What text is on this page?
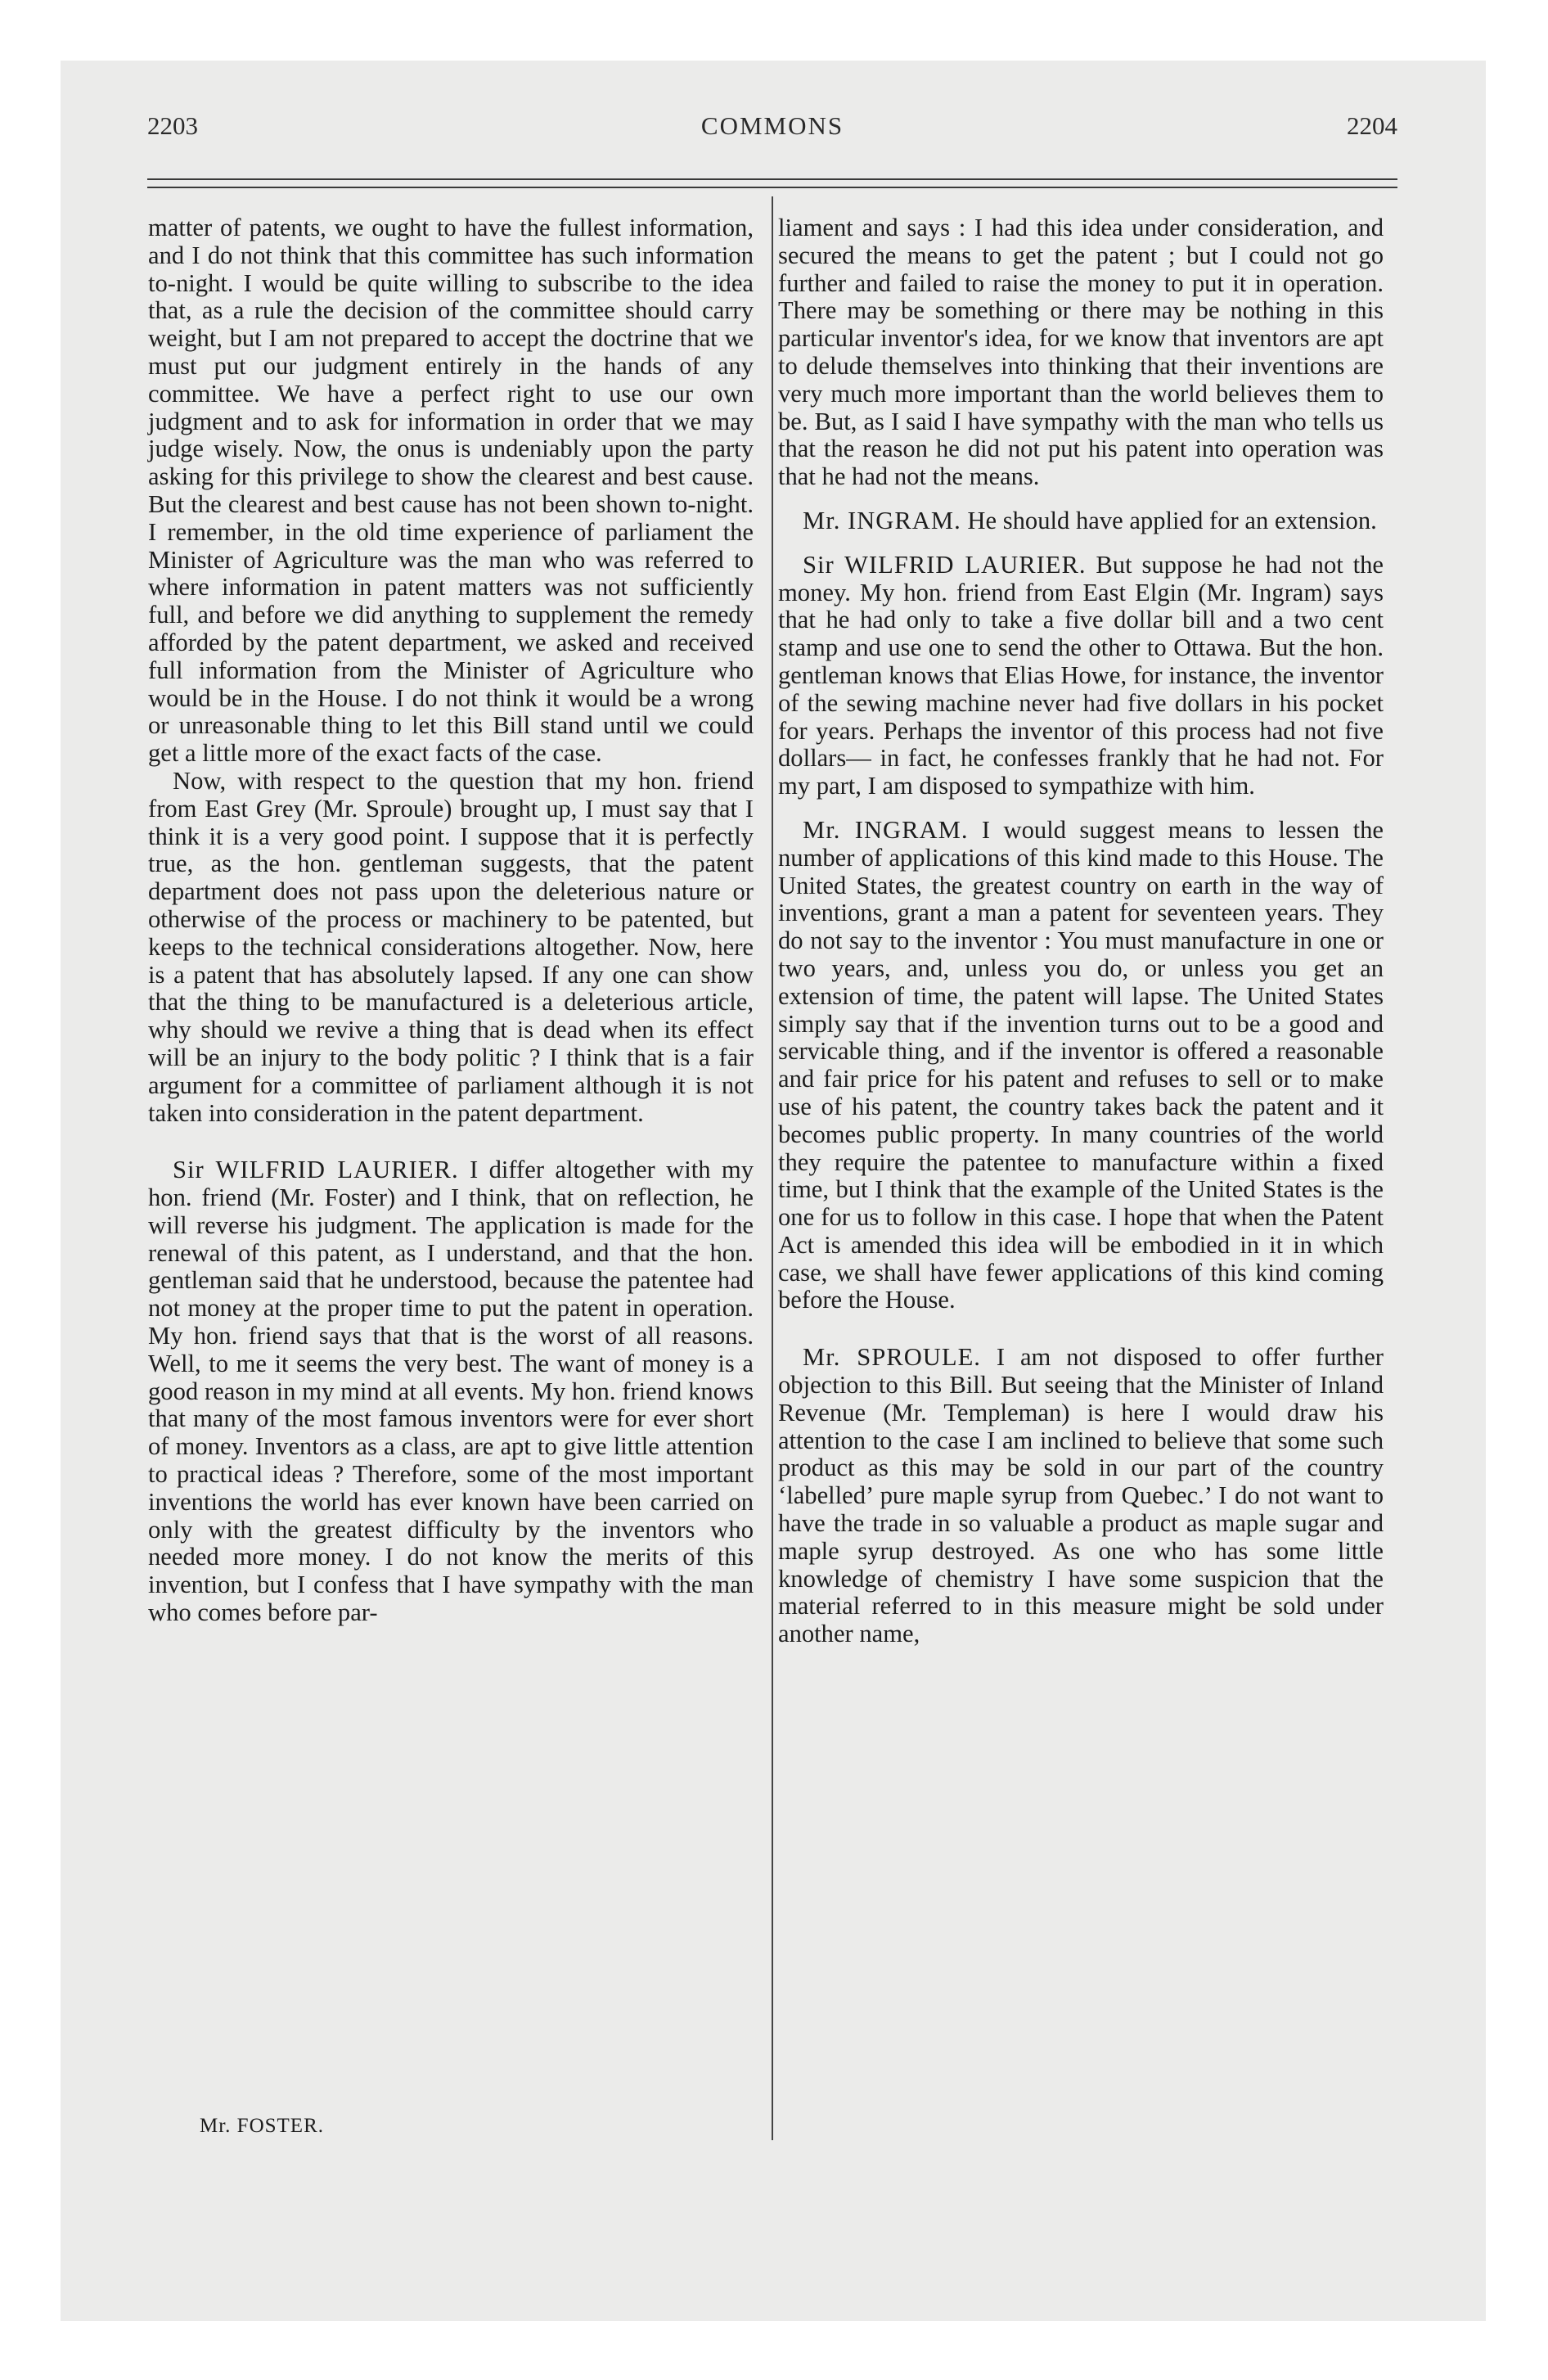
2203	COMMONS	2204

matter of patents, we ought to have the fullest information, and I do not think that this committee has such information to-night. I would be quite willing to subscribe to the idea that, as a rule the decision of the committee should carry weight, but I am not prepared to accept the doctrine that we must put our judgment entirely in the hands of any committee. We have a perfect right to use our own judgment and to ask for information in order that we may judge wisely. Now, the onus is undeniably upon the party asking for this privilege to show the clearest and best cause. But the clearest and best cause has not been shown to-night. I remember, in the old time experience of parliament the Minister of Agriculture was the man who was referred to where information in patent matters was not sufficiently full, and before we did anything to supplement the remedy afforded by the patent department, we asked and received full information from the Minister of Agriculture who would be in the House. I do not think it would be a wrong or unreasonable thing to let this Bill stand until we could get a little more of the exact facts of the case.

Now, with respect to the question that my hon. friend from East Grey (Mr. Sproule) brought up, I must say that I think it is a very good point. I suppose that it is perfectly true, as the hon. gentleman suggests, that the patent department does not pass upon the deleterious nature or otherwise of the process or machinery to be patented, but keeps to the technical considerations altogether. Now, here is a patent that has absolutely lapsed. If any one can show that the thing to be manufactured is a deleterious article, why should we revive a thing that is dead when its effect will be an injury to the body politic ? I think that is a fair argument for a committee of parliament although it is not taken into consideration in the patent department.

Sir WILFRID LAURIER. I differ altogether with my hon. friend (Mr. Foster) and I think, that on reflection, he will reverse his judgment. The application is made for the renewal of this patent, as I understand, and that the hon. gentleman said that he understood, because the patentee had not money at the proper time to put the patent in operation. My hon. friend says that that is the worst of all reasons. Well, to me it seems the very best. The want of money is a good reason in my mind at all events. My hon. friend knows that many of the most famous inventors were for ever short of money. Inventors as a class, are apt to give little attention to practical ideas ? Therefore, some of the most important inventions the world has ever known have been carried on only with the greatest difficulty by the inventors who needed more money. I do not know the merits of this invention, but I confess that I have sympathy with the man who comes before par-

liament and says : I had this idea under consideration, and secured the means to get the patent ; but I could not go further and failed to raise the money to put it in operation. There may be something or there may be nothing in this particular inventor's idea, for we know that inventors are apt to delude themselves into thinking that their inventions are very much more important than the world believes them to be. But, as I said I have sympathy with the man who tells us that the reason he did not put his patent into operation was that he had not the means.

Mr. INGRAM. He should have applied for an extension.

Sir WILFRID LAURIER. But suppose he had not the money. My hon. friend from East Elgin (Mr. Ingram) says that he had only to take a five dollar bill and a two cent stamp and use one to send the other to Ottawa. But the hon. gentleman knows that Elias Howe, for instance, the inventor of the sewing machine never had five dollars in his pocket for years. Perhaps the inventor of this process had not five dollars— in fact, he confesses frankly that he had not. For my part, I am disposed to sympathize with him.

Mr. INGRAM. I would suggest means to lessen the number of applications of this kind made to this House. The United States, the greatest country on earth in the way of inventions, grant a man a patent for seventeen years. They do not say to the inventor : You must manufacture in one or two years, and, unless you do, or unless you get an extension of time, the patent will lapse. The United States simply say that if the invention turns out to be a good and servicable thing, and if the inventor is offered a reasonable and fair price for his patent and refuses to sell or to make use of his patent, the country takes back the patent and it becomes public property. In many countries of the world they require the patentee to manufacture within a fixed time, but I think that the example of the United States is the one for us to follow in this case. I hope that when the Patent Act is amended this idea will be embodied in it in which case, we shall have fewer applications of this kind coming before the House.

Mr. SPROULE. I am not disposed to offer further objection to this Bill. But seeing that the Minister of Inland Revenue (Mr. Templeman) is here I would draw his attention to the case I am inclined to believe that some such product as this may be sold in our part of the country ‘labelled’ pure maple syrup from Quebec.’ I do not want to have the trade in so valuable a product as maple sugar and maple syrup destroyed. As one who has some little knowledge of chemistry I have some suspicion that the material referred to in this measure might be sold under another name,

Mr. FOSTER.
